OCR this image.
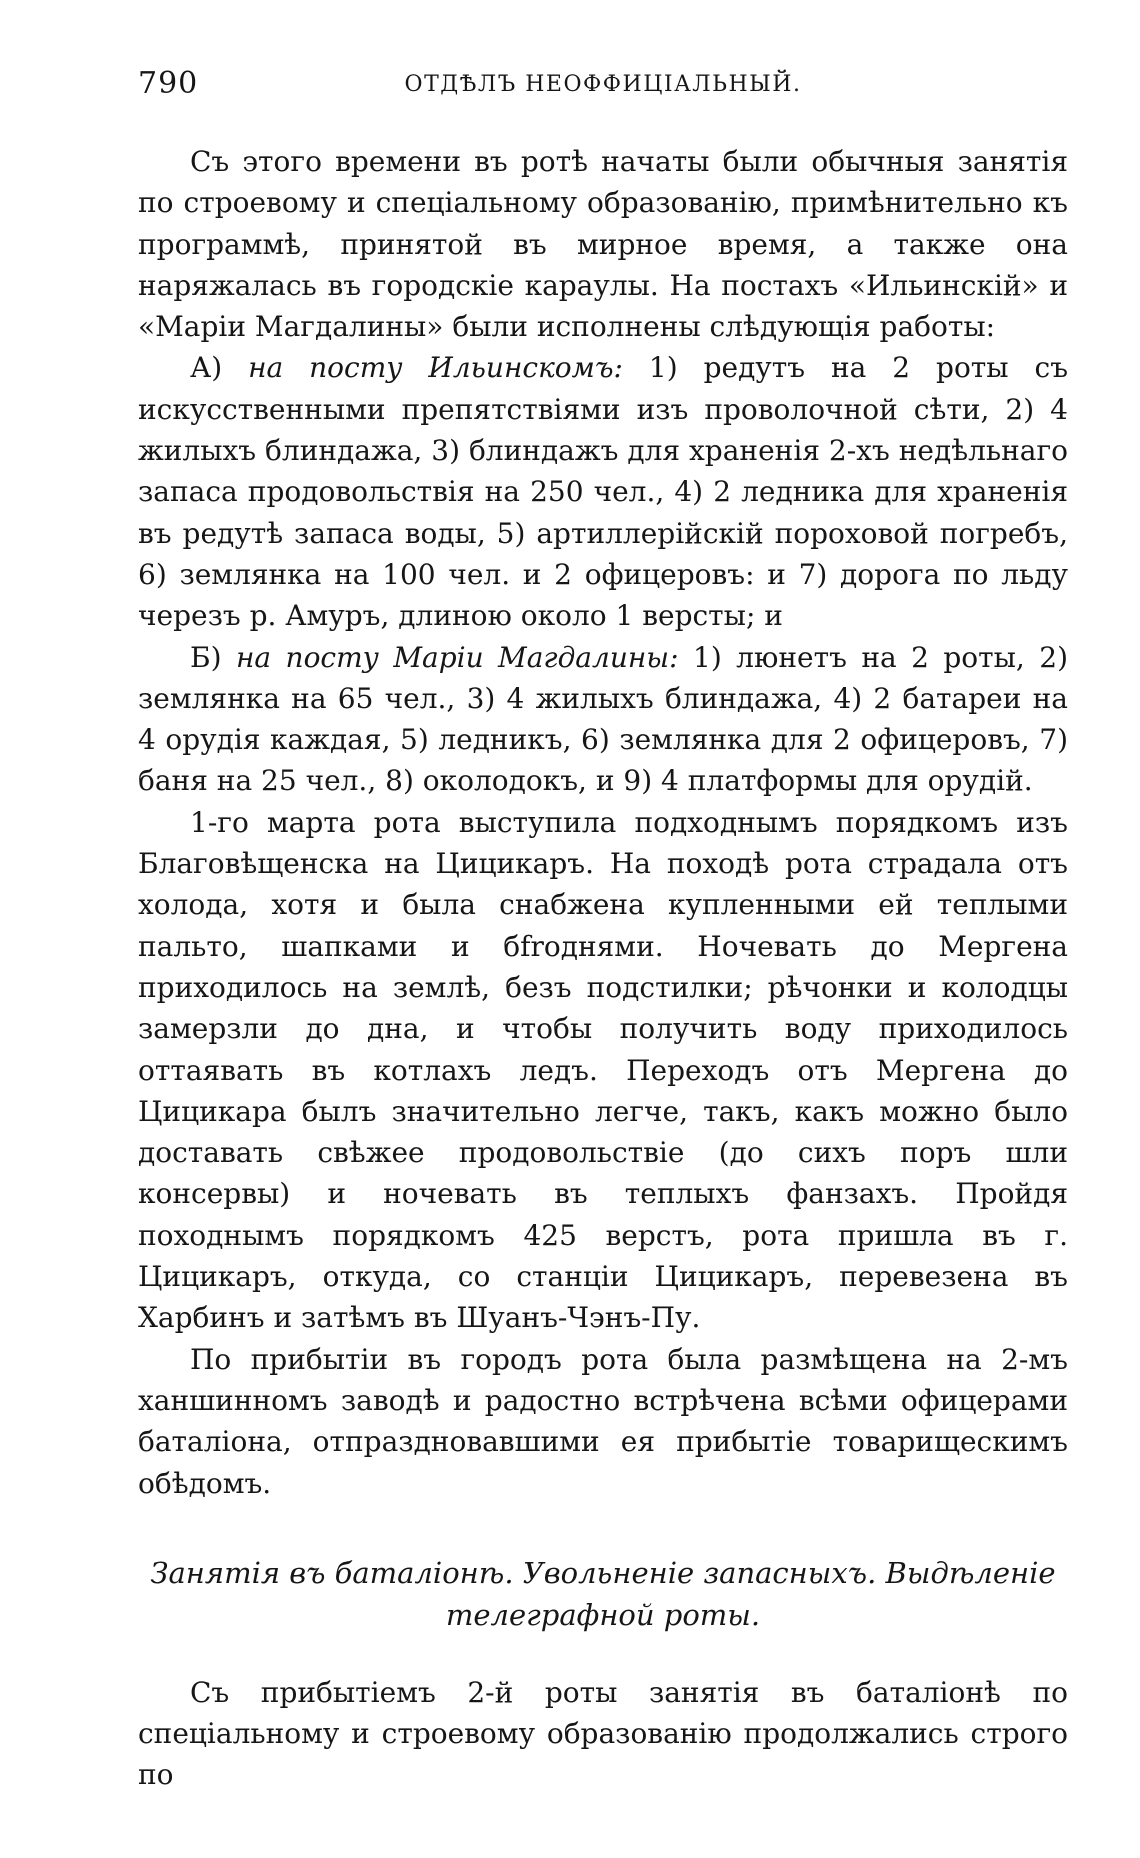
790	ОТДѢЛЪ НЕОФФИЦІАЛЬНЫЙ.

Съ этого времени въ ротѣ начаты были обычныя занятія по строевому и спеціальному образованію, примѣнительно къ программѣ, принятой въ мирное время, а также она наряжалась въ городскіе караулы. На постахъ «Ильинскій» и «Маріи Магдалины» были исполнены слѣдующія работы:

А) на посту Ильинскомъ: 1) редутъ на 2 роты съ искусственными препятствіями изъ проволочной сѣти, 2) 4 жилыхъ блиндажа, 3) блиндажъ для храненія 2-хъ недѣльнаго запаса продовольствія на 250 чел., 4) 2 ледника для храненія въ редутѣ запаса воды, 5) артиллерійскій пороховой погребъ, 6) землянка на 100 чел. и 2 офицеровъ: и 7) дорога по льду черезъ р. Амуръ, длиною около 1 версты; и

Б) на посту Маріи Магдалины: 1) люнетъ на 2 роты, 2) землянка на 65 чел., 3) 4 жилыхъ блиндажа, 4) 2 батареи на 4 орудія каждая, 5) ледникъ, 6) землянка для 2 офицеровъ, 7) баня на 25 чел., 8) околодокъ, и 9) 4 платформы для орудій.

1-го марта рота выступила подходнымъ порядкомъ изъ Благовѣщенска на Цицикаръ. На походѣ рота страдала отъ холода, хотя и была снабжена купленными ей теплыми пальто, шапками и бfroднями. Ночевать до Мергена приходилось на землѣ, безъ подстилки; рѣчонки и колодцы замерзли до дна, и чтобы получить воду приходилось оттаявать въ котлахъ ледъ. Переходъ отъ Мергена до Цицикара былъ значительно легче, такъ, какъ можно было доставать свѣжее продовольствіе (до сихъ поръ шли консервы) и ночевать въ теплыхъ фанзахъ. Пройдя походнымъ порядкомъ 425 верстъ, рота пришла въ г. Цицикаръ, откуда, со станціи Цицикаръ, перевезена въ Харбинъ и затѣмъ въ Шуанъ-Чэнъ-Пу.

По прибытіи въ городъ рота была размѣщена на 2-мъ ханшинномъ заводѣ и радостно встрѣчена всѣми офицерами баталіона, отпраздновавшими ея прибытіе товарищескимъ обѣдомъ.

Занятія въ баталіонѣ. Увольненіе запасныхъ. Выдѣленіе телеграфной роты.

Съ прибытіемъ 2-й роты занятія въ баталіонѣ по спеціальному и строевому образованію продолжались строго по
